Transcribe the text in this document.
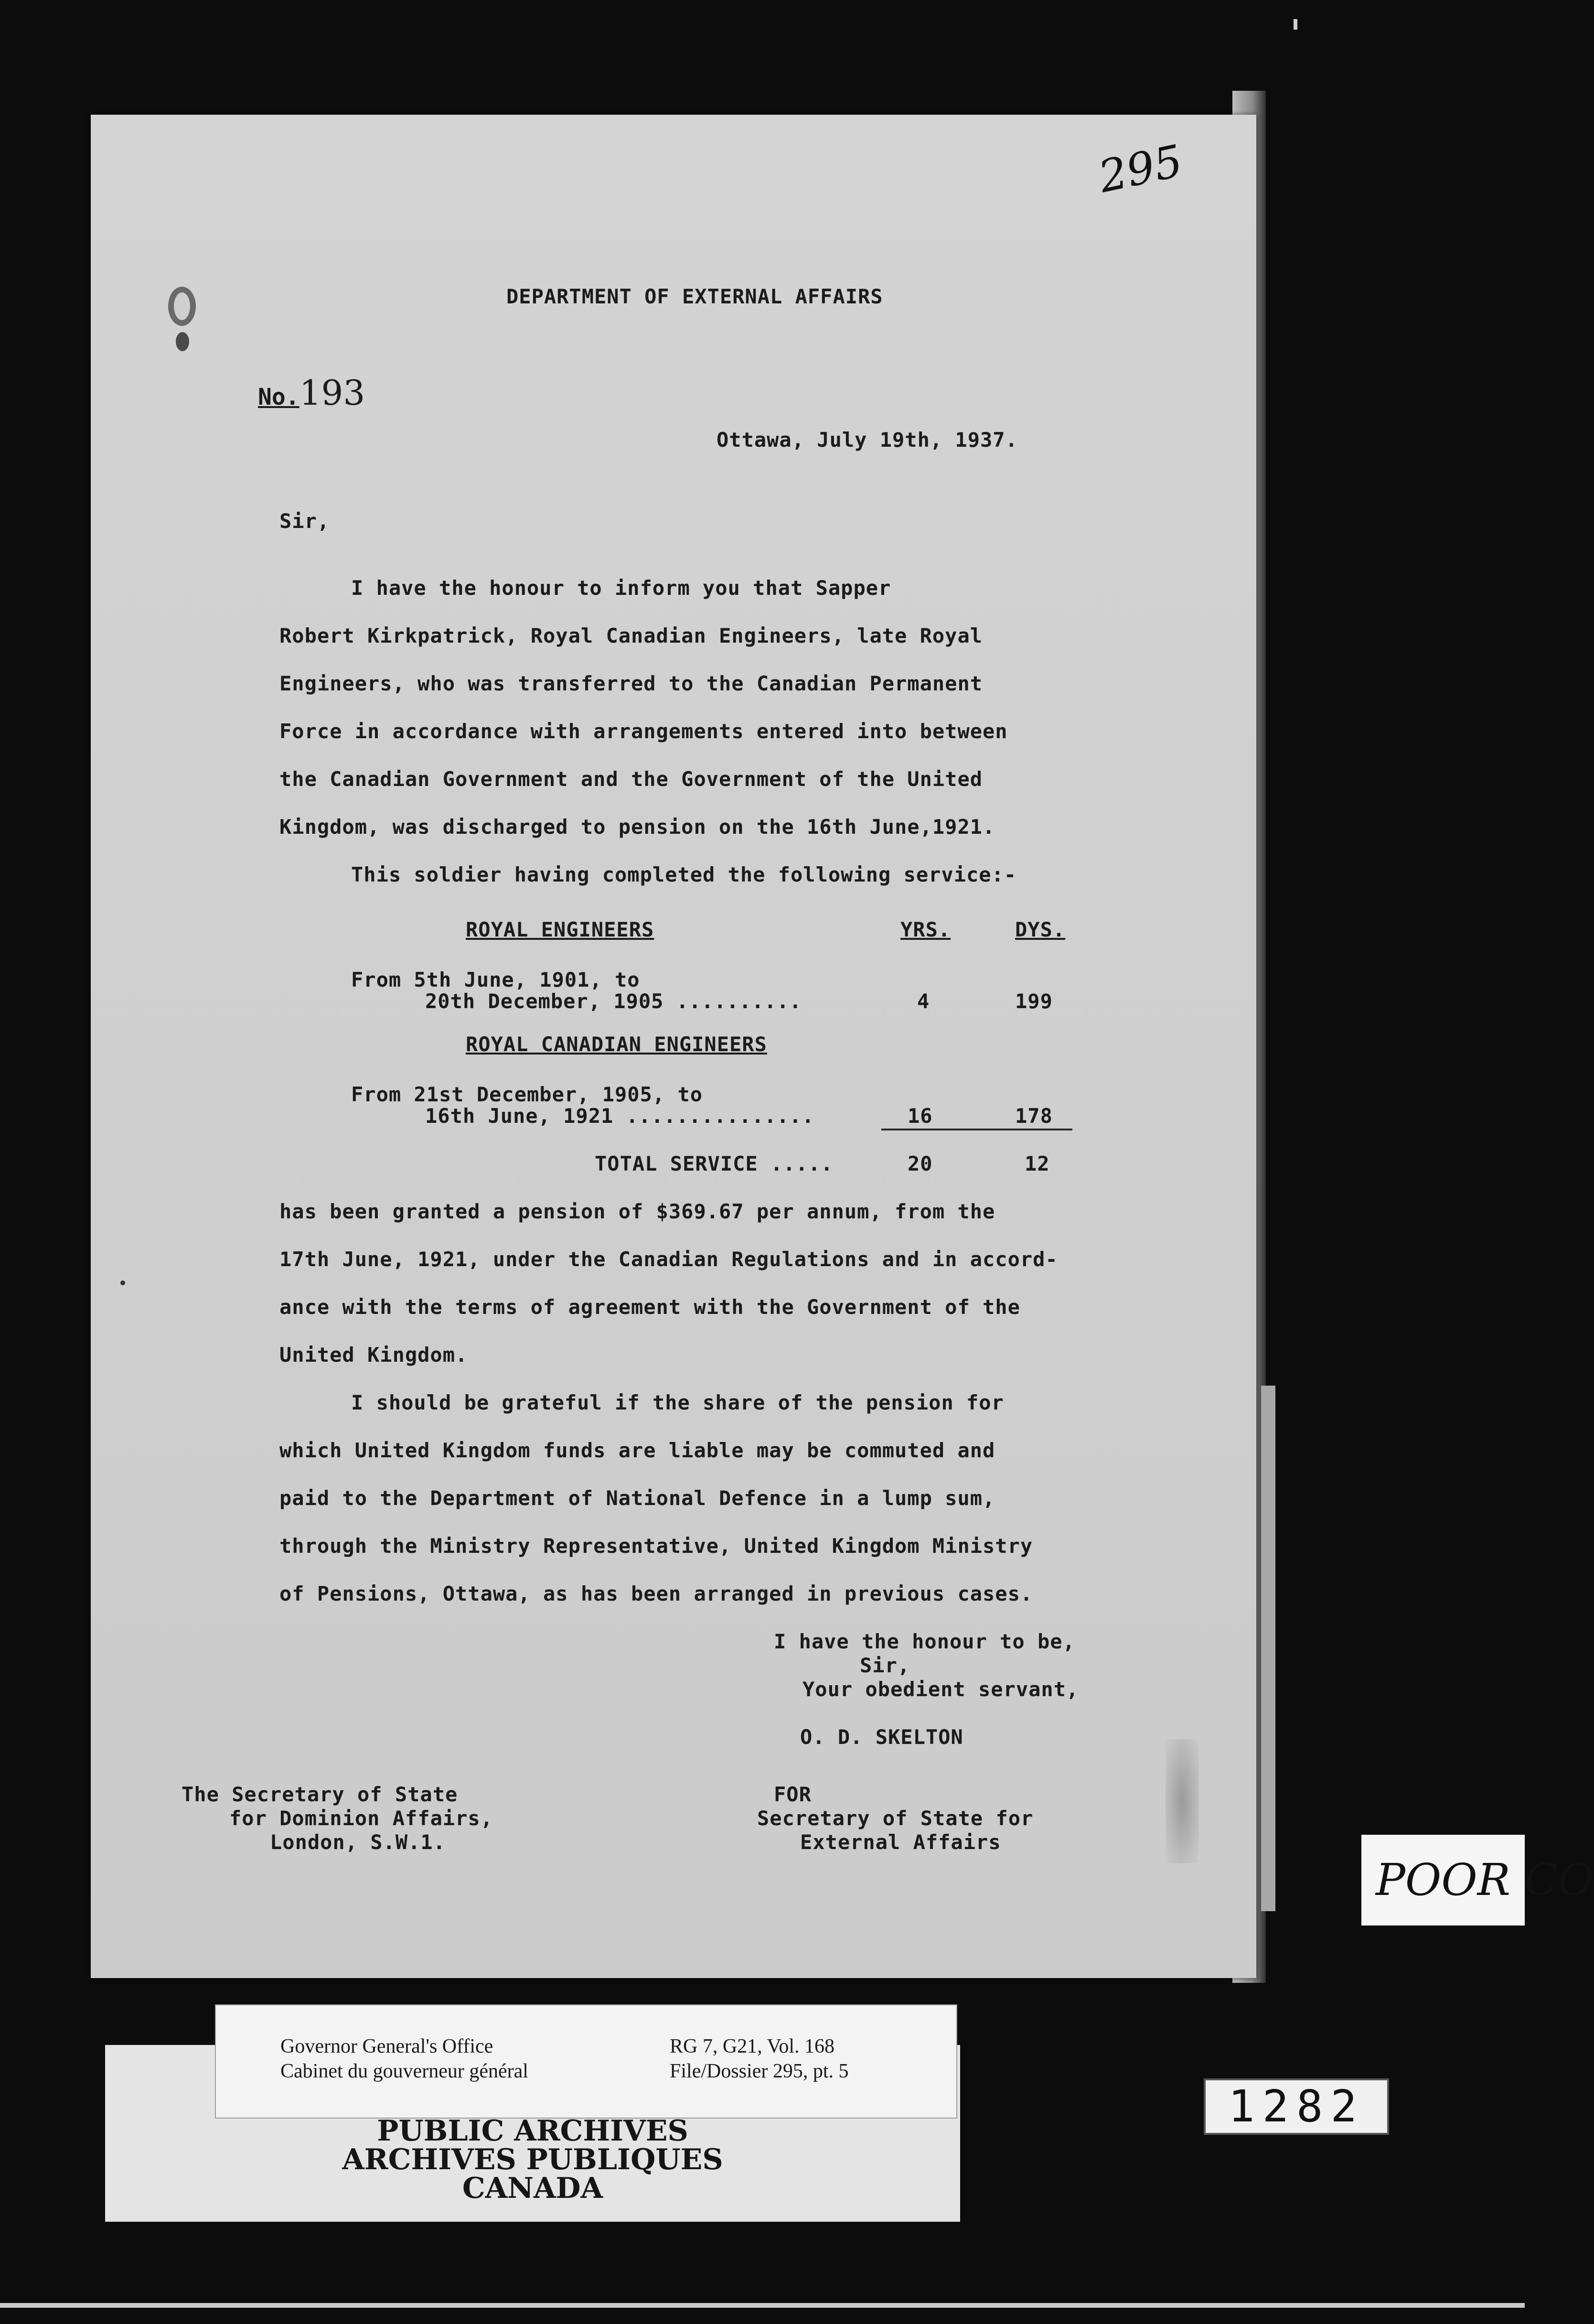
295
DEPARTMENT OF EXTERNAL AFFAIRS
No.193
Ottawa, July 19th, 1937.
Sir,
I have the honour to inform you that Sapper
Robert Kirkpatrick, Royal Canadian Engineers, late Royal
Engineers, who was transferred to the Canadian Permanent
Force in accordance with arrangements entered into between
the Canadian Government and the Government of the United
Kingdom, was discharged to pension on the 16th June,1921.
This soldier having completed the following service:-
ROYAL ENGINEERS	YRS.	DYS.
From 5th June, 1901, to
20th December, 1905 ..........	4	199
ROYAL CANADIAN ENGINEERS
From 21st December, 1905, to
16th June, 1921 ...............	16	178
TOTAL SERVICE .....	20	12
has been granted a pension of $369.67 per annum, from the
17th June, 1921, under the Canadian Regulations and in accord-
ance with the terms of agreement with the Government of the
United Kingdom.
I should be grateful if the share of the pension for
which United Kingdom funds are liable may be commuted and
paid to the Department of National Defence in a lump sum,
through the Ministry Representative, United Kingdom Ministry
of Pensions, Ottawa, as has been arranged in previous cases.
I have the honour to be,
Sir,
Your obedient servant,
O. D. SKELTON
The Secretary of State
for Dominion Affairs,
London, S.W.1.
FOR
Secretary of State for
External Affairs
POOR CO
Governor General's Office
Cabinet du gouverneur général
RG 7, G21, Vol. 168
File/Dossier 295, pt. 5
PUBLIC ARCHIVES
ARCHIVES PUBLIQUES
CANADA
1282
